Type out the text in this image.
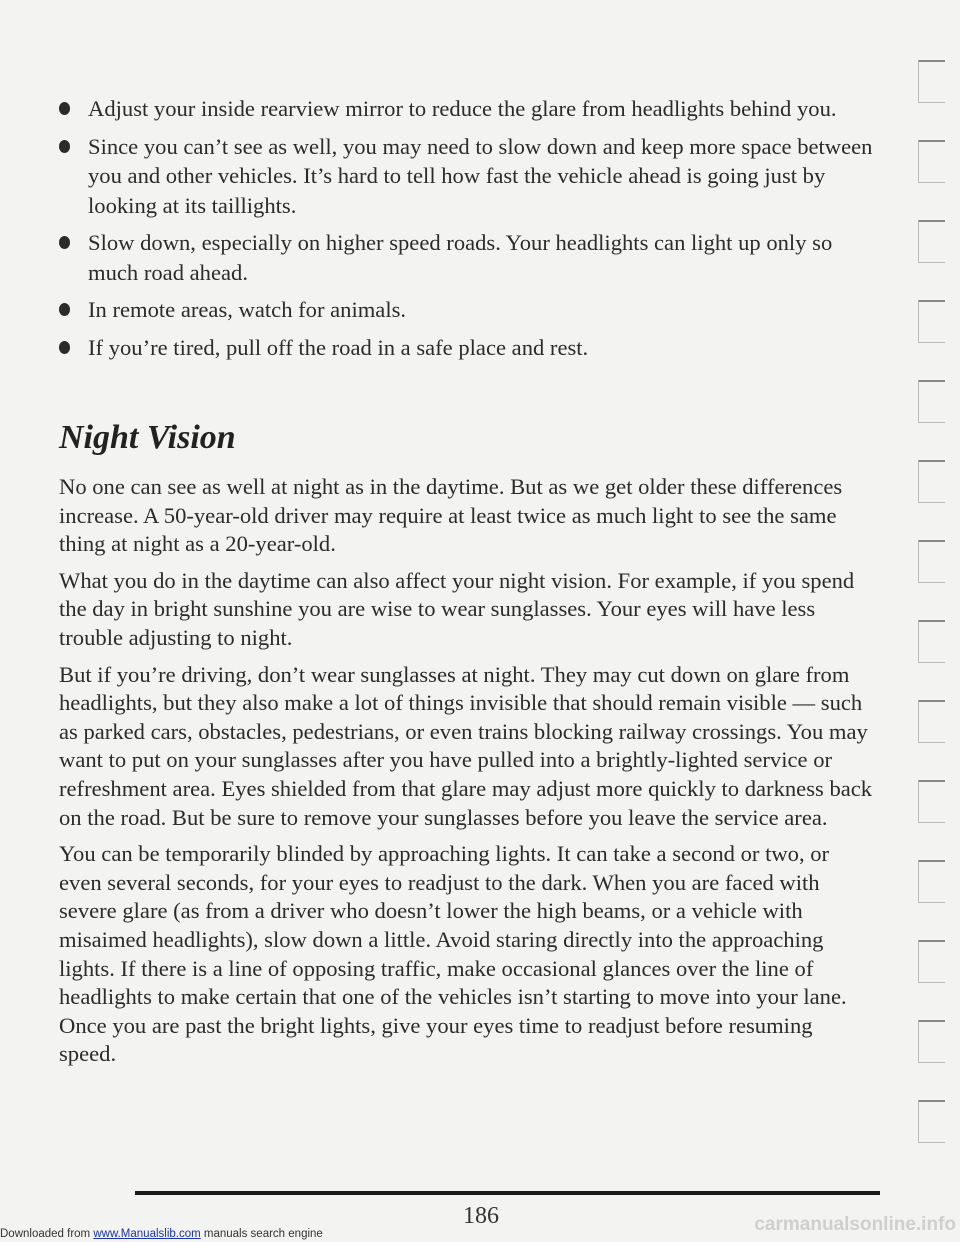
Adjust your inside rearview mirror to reduce the glare from headlights behind you.
Since you can’t see as well, you may need to slow down and keep more space between you and other vehicles. It’s hard to tell how fast the vehicle ahead is going just by looking at its taillights.
Slow down, especially on higher speed roads. Your headlights can light up only so much road ahead.
In remote areas, watch for animals.
If you’re tired, pull off the road in a safe place and rest.
Night Vision

No one can see as well at night as in the daytime. But as we get older these differences increase. A 50-year-old driver may require at least twice as much light to see the same thing at night as a 20-year-old.

What you do in the daytime can also affect your night vision. For example, if you spend the day in bright sunshine you are wise to wear sunglasses. Your eyes will have less trouble adjusting to night.

But if you’re driving, don’t wear sunglasses at night. They may cut down on glare from headlights, but they also make a lot of things invisible that should remain visible — such as parked cars, obstacles, pedestrians, or even trains blocking railway crossings. You may want to put on your sunglasses after you have pulled into a brightly-lighted service or refreshment area. Eyes shielded from that glare may adjust more quickly to darkness back on the road. But be sure to remove your sunglasses before you leave the service area.

You can be temporarily blinded by approaching lights. It can take a second or two, or even several seconds, for your eyes to readjust to the dark. When you are faced with severe glare (as from a driver who doesn’t lower the high beams, or a vehicle with misaimed headlights), slow down a little. Avoid staring directly into the approaching lights. If there is a line of opposing traffic, make occasional glances over the line of headlights to make certain that one of the vehicles isn’t starting to move into your lane. Once you are past the bright lights, give your eyes time to readjust before resuming speed.

186
Downloaded from www.Manualslib.com manuals search engine	carmanualsonline.info
